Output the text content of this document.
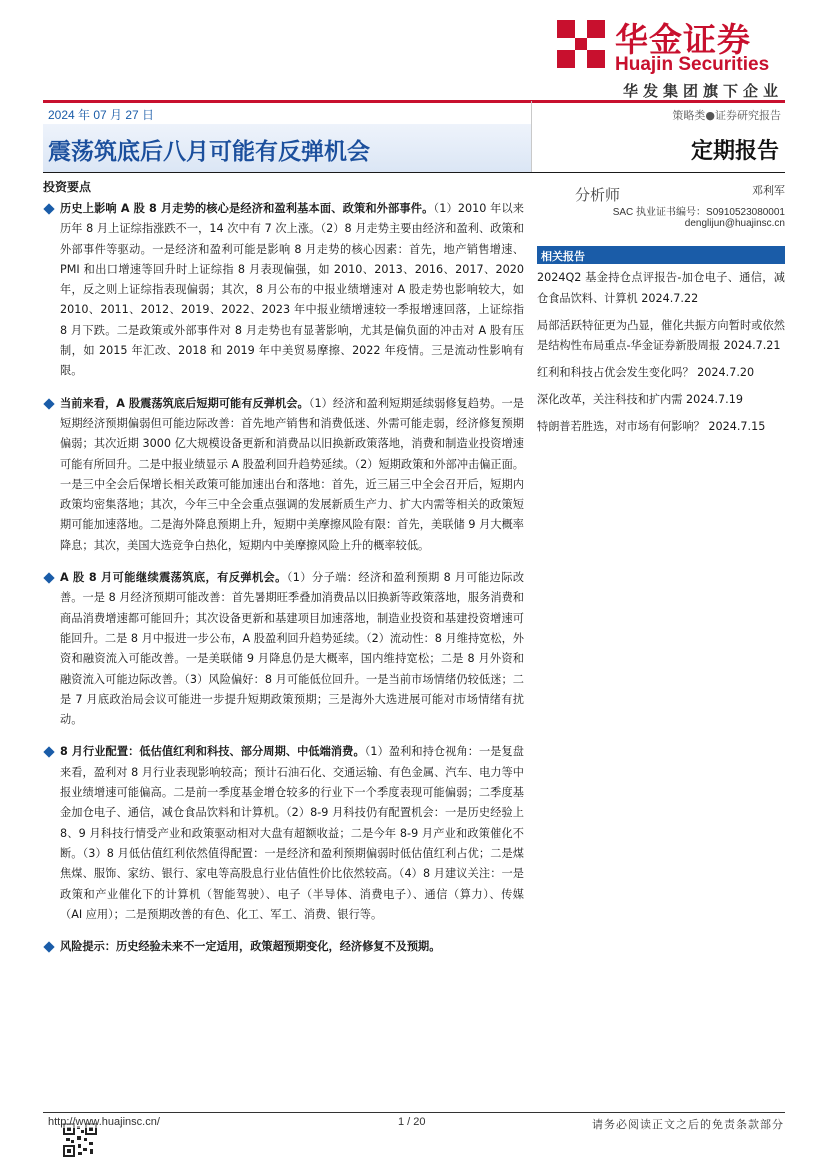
华金证券
Huajin Securities
华发集团旗下企业
2024 年 07 月 27 日
震荡筑底后八月可能有反弹机会
策略类●证券研究报告
定期报告
投资要点
历史上影响 A 股 8 月走势的核心是经济和盈利基本面、政策和外部事件。（1）2010 年以来历年 8 月上证综指涨跌不一，14 次中有 7 次上涨。（2）8 月走势主要由经济和盈利、政策和外部事件等驱动。一是经济和盈利可能是影响 8 月走势的核心因素：首先，地产销售增速、PMI 和出口增速等回升时上证综指 8 月表现偏强，如 2010、2013、2016、2017、2020 年，反之则上证综指表现偏弱；其次，8 月公布的中报业绩增速对 A 股走势也影响较大，如 2010、2011、2012、2019、2022、2023 年中报业绩增速较一季报增速回落，上证综指 8 月下跌。二是政策或外部事件对 8 月走势也有显著影响，尤其是偏负面的冲击对 A 股有压制，如 2015 年汇改、2018 和 2019 年中美贸易摩擦、2022 年疫情。三是流动性影响有限。
当前来看，A 股震荡筑底后短期可能有反弹机会。（1）经济和盈利短期延续弱修复趋势。一是短期经济预期偏弱但可能边际改善：首先地产销售和消费低迷、外需可能走弱，经济修复预期偏弱；其次近期 3000 亿大规模设备更新和消费品以旧换新政策落地，消费和制造业投资增速可能有所回升。二是中报业绩显示 A 股盈利回升趋势延续。（2）短期政策和外部冲击偏正面。一是三中全会后保增长相关政策可能加速出台和落地：首先，近三届三中全会召开后，短期内政策均密集落地；其次，今年三中全会重点强调的发展新质生产力、扩大内需等相关的政策短期可能加速落地。二是海外降息预期上升，短期中美摩擦风险有限：首先，美联储 9 月大概率降息；其次，美国大选竞争白热化，短期内中美摩擦风险上升的概率较低。
A 股 8 月可能继续震荡筑底，有反弹机会。（1）分子端：经济和盈利预期 8 月可能边际改善。一是 8 月经济预期可能改善：首先暑期旺季叠加消费品以旧换新等政策落地，服务消费和商品消费增速都可能回升；其次设备更新和基建项目加速落地，制造业投资和基建投资增速可能回升。二是 8 月中报进一步公布，A 股盈利回升趋势延续。（2）流动性：8 月维持宽松，外资和融资流入可能改善。一是美联储 9 月降息仍是大概率，国内维持宽松；二是 8 月外资和融资流入可能边际改善。（3）风险偏好：8 月可能低位回升。一是当前市场情绪仍较低迷；二是 7 月底政治局会议可能进一步提升短期政策预期；三是海外大选进展可能对市场情绪有扰动。
8 月行业配置：低估值红利和科技、部分周期、中低端消费。（1）盈利和持仓视角：一是复盘来看，盈利对 8 月行业表现影响较高；预计石油石化、交通运输、有色金属、汽车、电力等中报业绩增速可能偏高。二是前一季度基金增仓较多的行业下一个季度表现可能偏弱；二季度基金加仓电子、通信，减仓食品饮料和计算机。（2）8-9 月科技仍有配置机会：一是历史经验上 8、9 月科技行情受产业和政策驱动相对大盘有超额收益；二是今年 8-9 月产业和政策催化不断。（3）8 月低估值红利依然值得配置：一是经济和盈利预期偏弱时低估值红利占优；二是煤焦煤、服饰、家纺、银行、家电等高股息行业估值性价比依然较高。（4）8 月建议关注：一是政策和产业催化下的计算机（智能驾驶）、电子（半导体、消费电子）、通信（算力）、传媒（AI 应用）；二是预期改善的有色、化工、军工、消费、银行等。
风险提示：历史经验未来不一定适用，政策超预期变化，经济修复不及预期。
分析师	邓利军
SAC 执业证书编号：S0910523080001
denglijun@huajinsc.cn
相关报告
2024Q2 基金持仓点评报告-加仓电子、通信，减仓食品饮料、计算机 2024.7.22
局部活跃特征更为凸显，催化共振方向暂时或依然是结构性布局重点-华金证券新股周报 2024.7.21
红利和科技占优会发生变化吗？ 2024.7.20
深化改革，关注科技和扩内需 2024.7.19
特朗普若胜选，对市场有何影响？ 2024.7.15
http://www.huajinsc.cn/	1 / 20	请务必阅读正文之后的免责条款部分
